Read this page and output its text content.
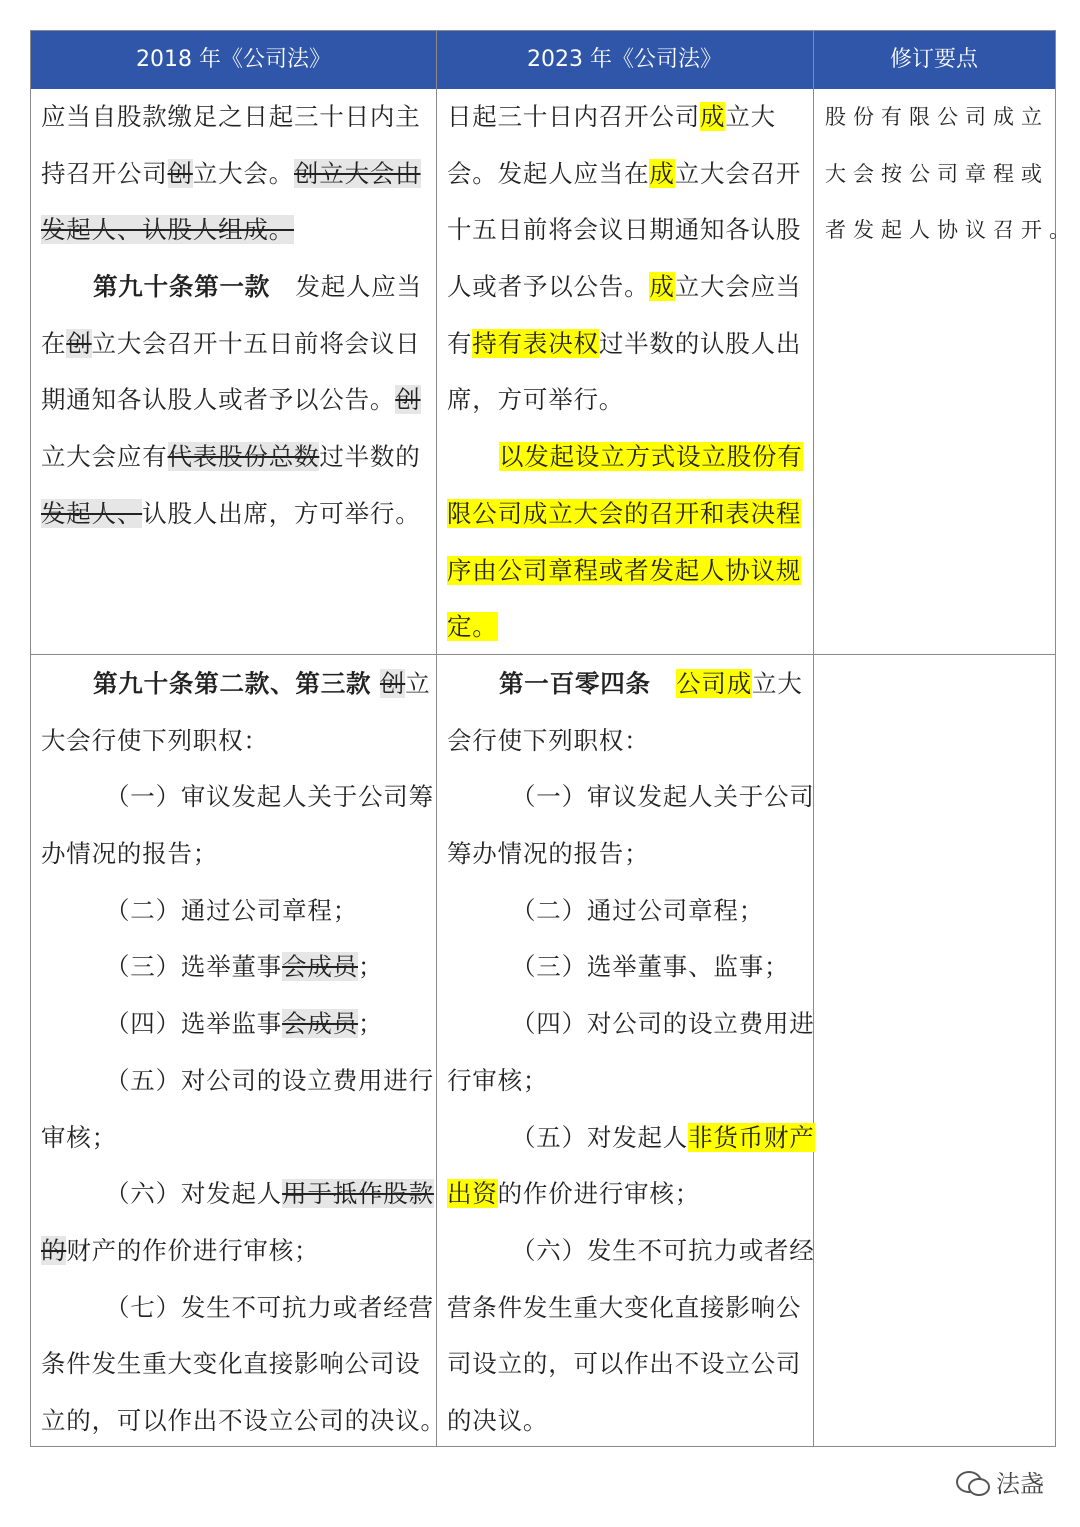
2018 年《公司法》	2023 年《公司法》	修订要点
应当自股款缴足之日起三十日内主
持召开公司创立大会。创立大会由
发起人、认股人组成。
第九十条第一款　发起人应当
在创立大会召开十五日前将会议日
期通知各认股人或者予以公告。创
立大会应有代表股份总数过半数的
发起人、认股人出席，方可举行。
日起三十日内召开公司成立大
会。发起人应当在成立大会召开
十五日前将会议日期通知各认股
人或者予以公告。成立大会应当
有持有表决权过半数的认股人出
席，方可举行。
以发起设立方式设立股份有
限公司成立大会的召开和表决程
序由公司章程或者发起人协议规
定。
股份有限公司成立
大会按公司章程或
者发起人协议召开。
第九十条第二款、第三款 创立
大会行使下列职权：
（一）审议发起人关于公司筹
办情况的报告；
（二）通过公司章程；
（三）选举董事会成员；
（四）选举监事会成员；
（五）对公司的设立费用进行
审核；
（六）对发起人用于抵作股款
的财产的作价进行审核；
（七）发生不可抗力或者经营
条件发生重大变化直接影响公司设
立的，可以作出不设立公司的决议。
第一百零四条　 公司成立大
会行使下列职权：
（一）审议发起人关于公司
筹办情况的报告；
（二）通过公司章程；
（三）选举董事、监事；
（四）对公司的设立费用进
行审核；
（五）对发起人非货币财产
出资的作价进行审核；
（六）发生不可抗力或者经
营条件发生重大变化直接影响公
司设立的，可以作出不设立公司
的决议。
法盏
